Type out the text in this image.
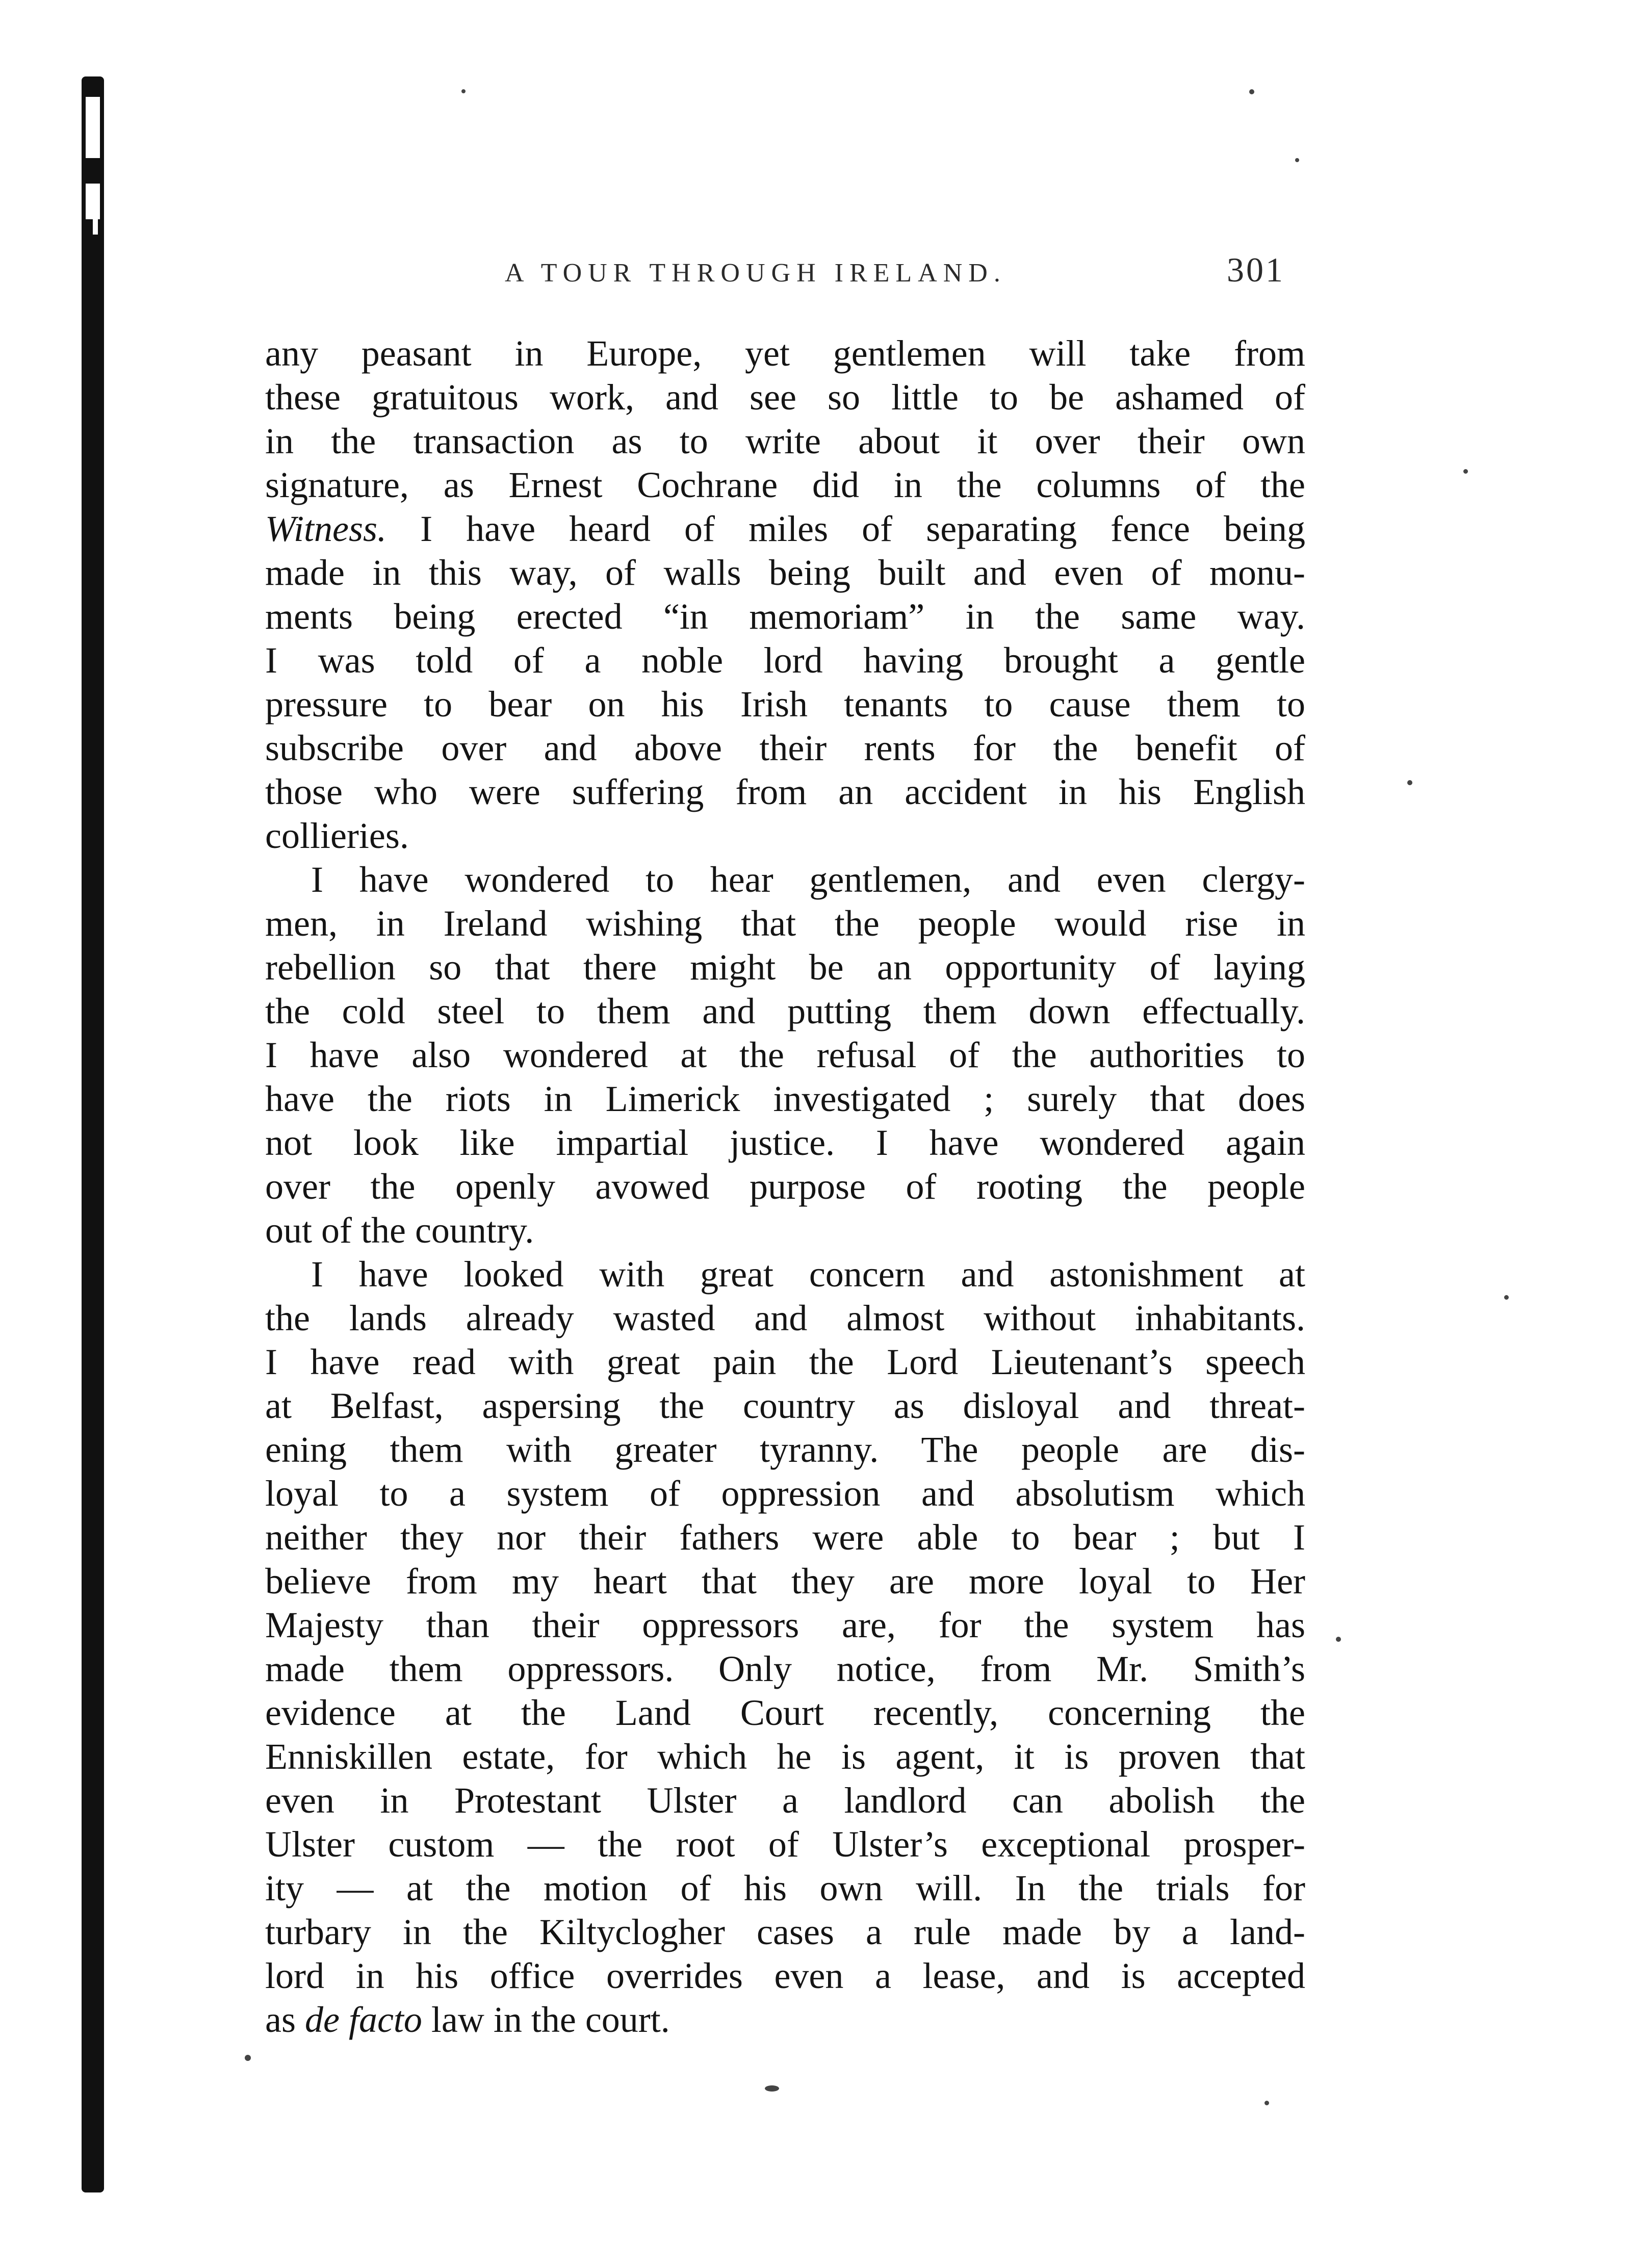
A TOUR THROUGH IRELAND.	301
any peasant in Europe, yet gentlemen will take from
these gratuitous work, and see so little to be ashamed of
in the transaction as to write about it over their own
signature, as Ernest Cochrane did in the columns of the
Witness. I have heard of miles of separating fence being
made in this way, of walls being built and even of monu-
ments being erected “in memoriam” in the same way.
I was told of a noble lord having brought a gentle
pressure to bear on his Irish tenants to cause them to
subscribe over and above their rents for the benefit of
those who were suffering from an accident in his English
collieries.
I have wondered to hear gentlemen, and even clergy-
men, in Ireland wishing that the people would rise in
rebellion so that there might be an opportunity of laying
the cold steel to them and putting them down effectually.
I have also wondered at the refusal of the authorities to
have the riots in Limerick investigated ; surely that does
not look like impartial justice. I have wondered again
over the openly avowed purpose of rooting the people
out of the country.
I have looked with great concern and astonishment at
the lands already wasted and almost without inhabitants.
I have read with great pain the Lord Lieutenant’s speech
at Belfast, aspersing the country as disloyal and threat-
ening them with greater tyranny. The people are dis-
loyal to a system of oppression and absolutism which
neither they nor their fathers were able to bear ; but I
believe from my heart that they are more loyal to Her
Majesty than their oppressors are, for the system has
made them oppressors. Only notice, from Mr. Smith’s
evidence at the Land Court recently, concerning the
Enniskillen estate, for which he is agent, it is proven that
even in Protestant Ulster a landlord can abolish the
Ulster custom — the root of Ulster’s exceptional prosper-
ity — at the motion of his own will. In the trials for
turbary in the Kiltyclogher cases a rule made by a land-
lord in his office overrides even a lease, and is accepted
as de facto law in the court.
